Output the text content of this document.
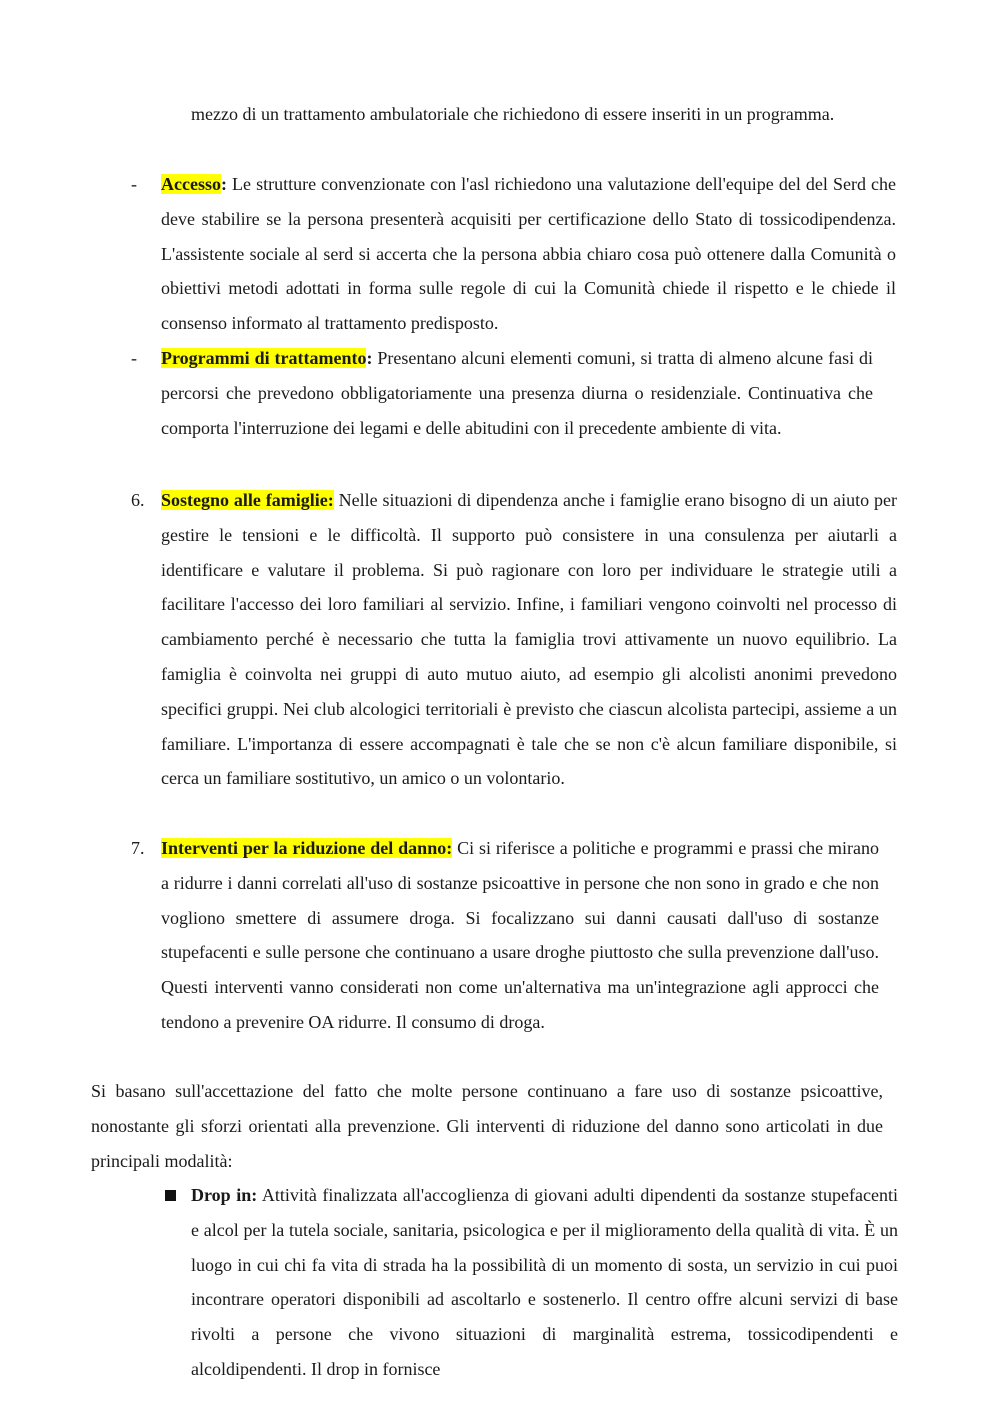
mezzo di un trattamento ambulatoriale che richiedono di essere inseriti in un programma.
- Accesso: Le strutture convenzionate con l'asl richiedono una valutazione dell'equipe del del Serd che deve stabilire se la persona presenterà acquisiti per certificazione dello Stato di tossicodipendenza. L'assistente sociale al serd si accerta che la persona abbia chiaro cosa può ottenere dalla Comunità o obiettivi metodi adottati in forma sulle regole di cui la Comunità chiede il rispetto e le chiede il consenso informato al trattamento predisposto.
- Programmi di trattamento: Presentano alcuni elementi comuni, si tratta di almeno alcune fasi di percorsi che prevedono obbligatoriamente una presenza diurna o residenziale. Continuativa che comporta l'interruzione dei legami e delle abitudini con il precedente ambiente di vita.
6. Sostegno alle famiglie: Nelle situazioni di dipendenza anche i famiglie erano bisogno di un aiuto per gestire le tensioni e le difficoltà. Il supporto può consistere in una consulenza per aiutarli a identificare e valutare il problema. Si può ragionare con loro per individuare le strategie utili a facilitare l'accesso dei loro familiari al servizio. Infine, i familiari vengono coinvolti nel processo di cambiamento perché è necessario che tutta la famiglia trovi attivamente un nuovo equilibrio. La famiglia è coinvolta nei gruppi di auto mutuo aiuto, ad esempio gli alcolisti anonimi prevedono specifici gruppi. Nei club alcologici territoriali è previsto che ciascun alcolista partecipi, assieme a un familiare. L'importanza di essere accompagnati è tale che se non c'è alcun familiare disponibile, si cerca un familiare sostitutivo, un amico o un volontario.
7. Interventi per la riduzione del danno: Ci si riferisce a politiche e programmi e prassi che mirano a ridurre i danni correlati all'uso di sostanze psicoattive in persone che non sono in grado e che non vogliono smettere di assumere droga. Si focalizzano sui danni causati dall'uso di sostanze stupefacenti e sulle persone che continuano a usare droghe piuttosto che sulla prevenzione dall'uso. Questi interventi vanno considerati non come un'alternativa ma un'integrazione agli approcci che tendono a prevenire OA ridurre. Il consumo di droga.
Si basano sull'accettazione del fatto che molte persone continuano a fare uso di sostanze psicoattive, nonostante gli sforzi orientati alla prevenzione. Gli interventi di riduzione del danno sono articolati in due principali modalità:
Drop in: Attività finalizzata all'accoglienza di giovani adulti dipendenti da sostanze stupefacenti e alcol per la tutela sociale, sanitaria, psicologica e per il miglioramento della qualità di vita. È un luogo in cui chi fa vita di strada ha la possibilità di un momento di sosta, un servizio in cui puoi incontrare operatori disponibili ad ascoltarlo e sostenerlo. Il centro offre alcuni servizi di base rivolti a persone che vivono situazioni di marginalità estrema, tossicodipendenti e alcoldipendenti. Il drop in fornisce
